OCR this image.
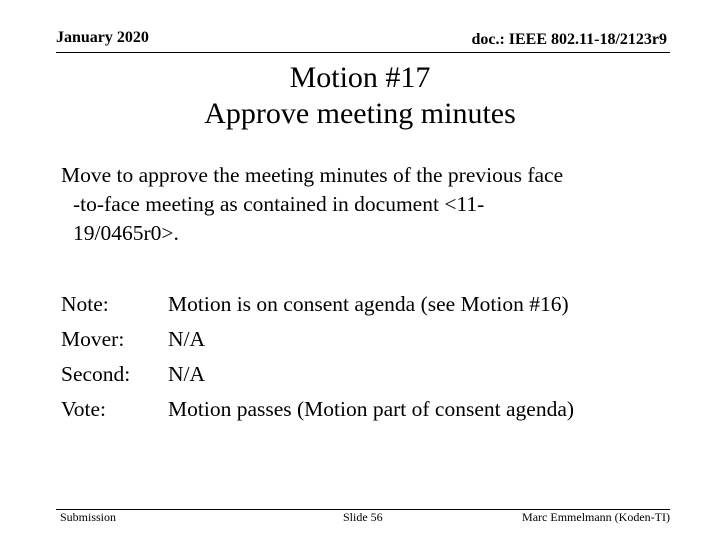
January 2020	doc.: IEEE 802.11-18/2123r9
Motion #17
Approve meeting minutes
Move to approve the meeting minutes of the previous face
-to-face meeting as contained in document <11-
19/0465r0>.
Note:	Motion is on consent agenda (see Motion #16)
Mover: N/A
Second: N/A
Vote:	Motion passes (Motion part of consent agenda)
Submission	Slide 56	Marc Emmelmann (Koden-TI)
